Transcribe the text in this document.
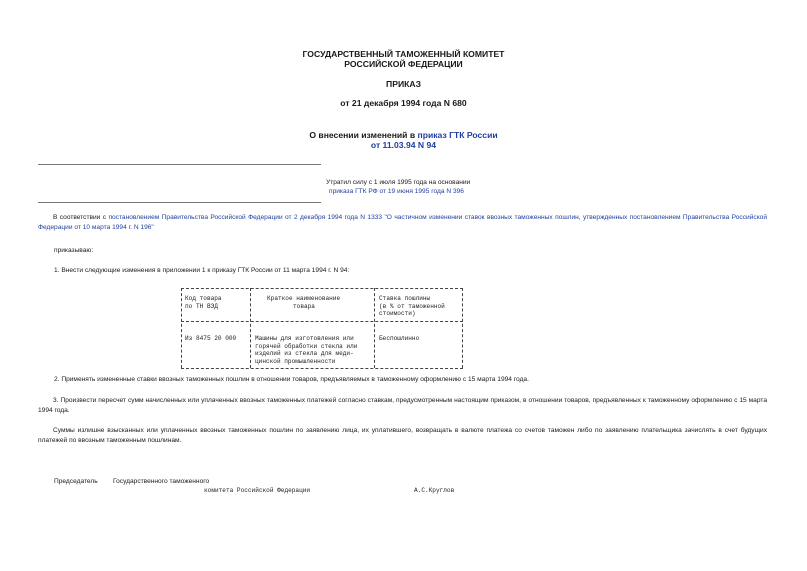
ГОСУДАРСТВЕННЫЙ ТАМОЖЕННЫЙ КОМИТЕТ
РОССИЙСКОЙ ФЕДЕРАЦИИ
ПРИКАЗ
от 21 декабря 1994 года N 680
О внесении изменений в приказ ГТК России
от 11.03.94 N 94
Утратил силу с 1 июля 1995 года на основании
приказа ГТК РФ от 19 июня 1995 года N 396
В соответствии с постановлением Правительства Российской Федерации от 2 декабря 1994 года N 1333 "О частичном изменении ставок ввозных таможенных пошлин, утвержденных постановлением Правительства Российской Федерации от 10 марта 1994 г. N 196"
приказываю:
1. Внести следующие изменения в приложении 1 к приказу ГТК России от 11 марта 1994 г. N 94:
Код товара
по ТН ВЭД
Краткое наименование
товара
Ставка пошлины
(в % от таможенной
стоимости)
Из 8475 20 000	Машины для изготовления или
горячей обработки стекла или
изделий из стекла для меди-
цинской промышленности
Беспошлинно
2. Применять измененные ставки ввозных таможенных пошлин в отношении товаров, предъявляемых в таможенному оформлению с 15 марта 1994 года.
3. Произвести пересчет сумм начисленных или уплаченных ввозных таможенных платежей согласно ставкам, предусмотренным настоящим приказом, в отношении товаров, предъявленных к таможенному оформлению с 15 марта 1994 года.
Суммы излишне взысканных или уплаченных ввозных таможенных пошлин по заявлению лица, их уплатившего, возвращать в валюте платежа со счетов таможен либо по заявлению плательщика зачислять в счет будущих платежей по ввозным таможенным пошлинам.
Председатель Государственного таможенного
комитета Российской Федерации	А.С.Круглов
